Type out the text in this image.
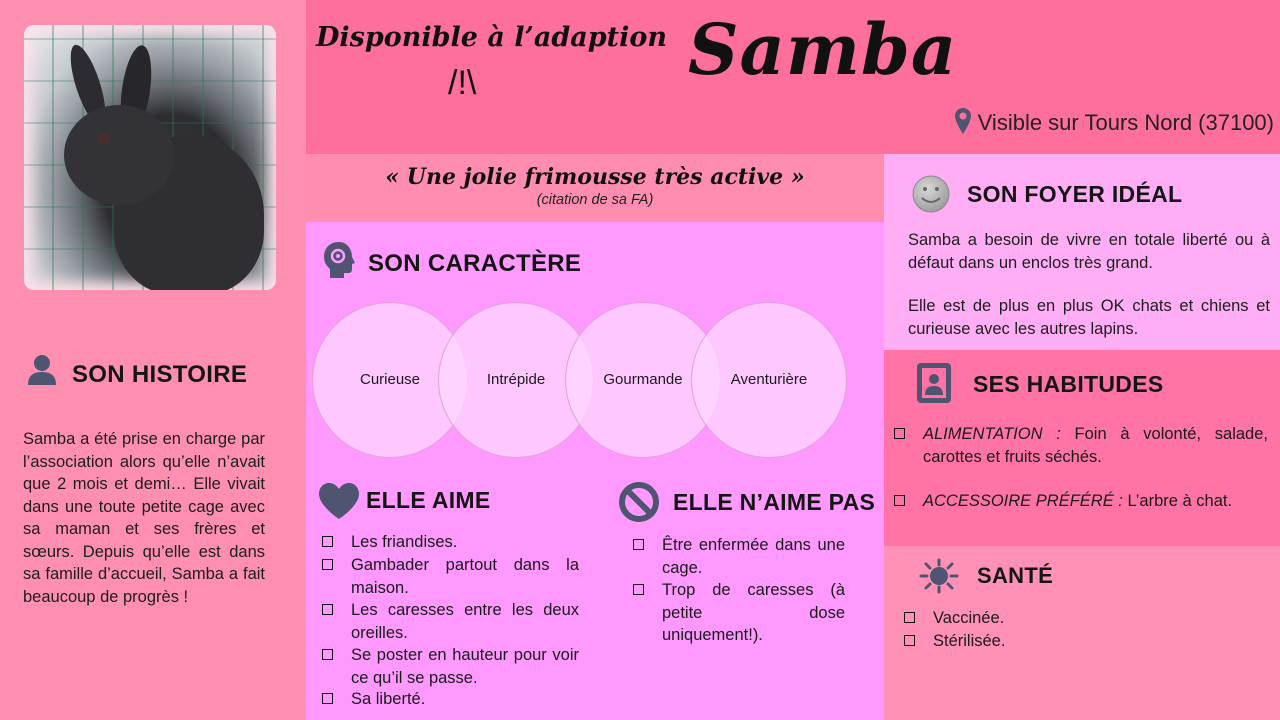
SON HISTOIRE
Samba a été prise en charge par l’association alors qu’elle n’avait que 2 mois et demi… Elle vivait dans une toute petite cage avec sa maman et ses frères et sœurs. Depuis qu’elle est dans sa famille d’accueil, Samba a fait beaucoup de progrès !
Disponible à l’adaption
/!\	Samba
Visible sur Tours Nord (37100)
« Une jolie frimousse très active »
(citation de sa FA)
SON CARACTÈRE
Curieuse	Intrépide	Gourmande	Aventurière
ELLE AIME
Les friandises.
Gambader partout dans la maison.
Les caresses entre les deux oreilles.
Se poster en hauteur pour voir ce qu’il se passe.
Sa liberté.
ELLE N’AIME PAS
Être enfermée dans une cage.
Trop de caresses (à petite dose uniquement!).
SON FOYER IDÉAL
Samba a besoin de vivre en totale liberté ou à défaut dans un enclos très grand.
Elle est de plus en plus OK chats et chiens et curieuse avec les autres lapins.
SES HABITUDES
ALIMENTATION : Foin à volonté, salade, carottes et fruits séchés.
ACCESSOIRE PRÉFÉRÉ : L’arbre à chat.
SANTÉ
Vaccinée.
Stérilisée.
